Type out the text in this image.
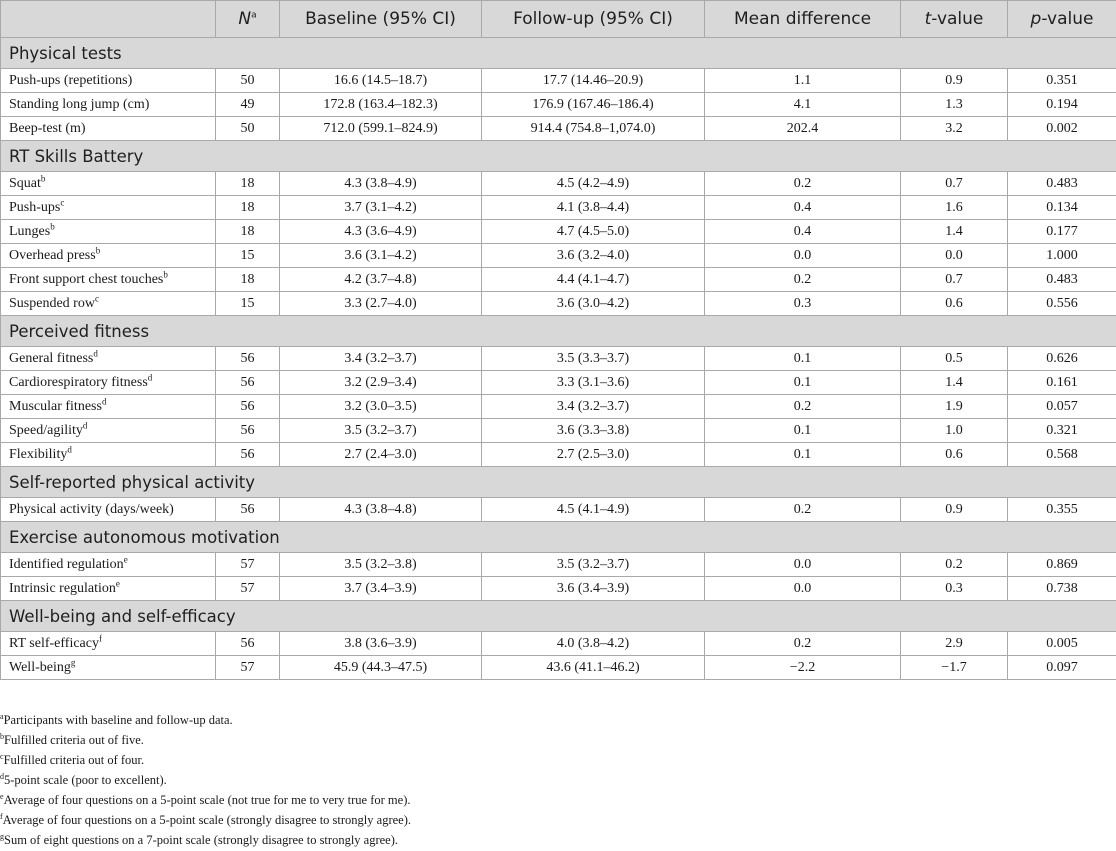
	$N^a$	Baseline (95% CI)	Follow-up (95% CI)	Mean difference	t-value	p-value
Physical tests						
Push-ups (repetitions)	50	16.6 (14.5–18.7)	17.7 (14.46–20.9)	1.1	0.9	0.351
Standing long jump (cm)	49	172.8 (163.4–182.3)	176.9 (167.46–186.4)	4.1	1.3	0.194
Beep-test (m)	50	712.0 (599.1–824.9)	914.4 (754.8–1,074.0)	202.4	3.2	0.002
RT Skills Battery						
Squat$^b$	18	4.3 (3.8–4.9)	4.5 (4.2–4.9)	0.2	0.7	0.483
Push-ups$^c$	18	3.7 (3.1–4.2)	4.1 (3.8–4.4)	0.4	1.6	0.134
Lunges$^b$	18	4.3 (3.6–4.9)	4.7 (4.5–5.0)	0.4	1.4	0.177
Overhead press$^b$	15	3.6 (3.1–4.2)	3.6 (3.2–4.0)	0.0	0.0	1.000
Front support chest touches$^b$	18	4.2 (3.7–4.8)	4.4 (4.1–4.7)	0.2	0.7	0.483
Suspended row$^c$	15	3.3 (2.7–4.0)	3.6 (3.0–4.2)	0.3	0.6	0.556
Perceived fitness						
General fitness$^d$	56	3.4 (3.2–3.7)	3.5 (3.3–3.7)	0.1	0.5	0.626
Cardiorespiratory fitness$^d$	56	3.2 (2.9–3.4)	3.3 (3.1–3.6)	0.1	1.4	0.161
Muscular fitness$^d$	56	3.2 (3.0–3.5)	3.4 (3.2–3.7)	0.2	1.9	0.057
Speed/agility$^d$	56	3.5 (3.2–3.7)	3.6 (3.3–3.8)	0.1	1.0	0.321
Flexibility$^d$	56	2.7 (2.4–3.0)	2.7 (2.5–3.0)	0.1	0.6	0.568
Self-reported physical activity						
Physical activity (days/week)	56	4.3 (3.8–4.8)	4.5 (4.1–4.9)	0.2	0.9	0.355
Exercise autonomous motivation						
Identified regulation$^e$	57	3.5 (3.2–3.8)	3.5 (3.2–3.7)	0.0	0.2	0.869
Intrinsic regulation$^e$	57	3.7 (3.4–3.9)	3.6 (3.4–3.9)	0.0	0.3	0.738
Well-being and self-efficacy						
RT self-efficacy$^f$	56	3.8 (3.6–3.9)	4.0 (3.8–4.2)	0.2	2.9	0.005
Well-being$^g$	57	45.9 (44.3–47.5)	43.6 (41.1–46.2)	−2.2	−1.7	0.097
$^a$Participants with baseline and follow-up data.
$^b$Fulfilled criteria out of five.
$^c$Fulfilled criteria out of four.
$^d$5-point scale (poor to excellent).
$^e$Average of four questions on a 5-point scale (not true for me to very true for me).
$^f$Average of four questions on a 5-point scale (strongly disagree to strongly agree).
$^g$Sum of eight questions on a 7-point scale (strongly disagree to strongly agree).
